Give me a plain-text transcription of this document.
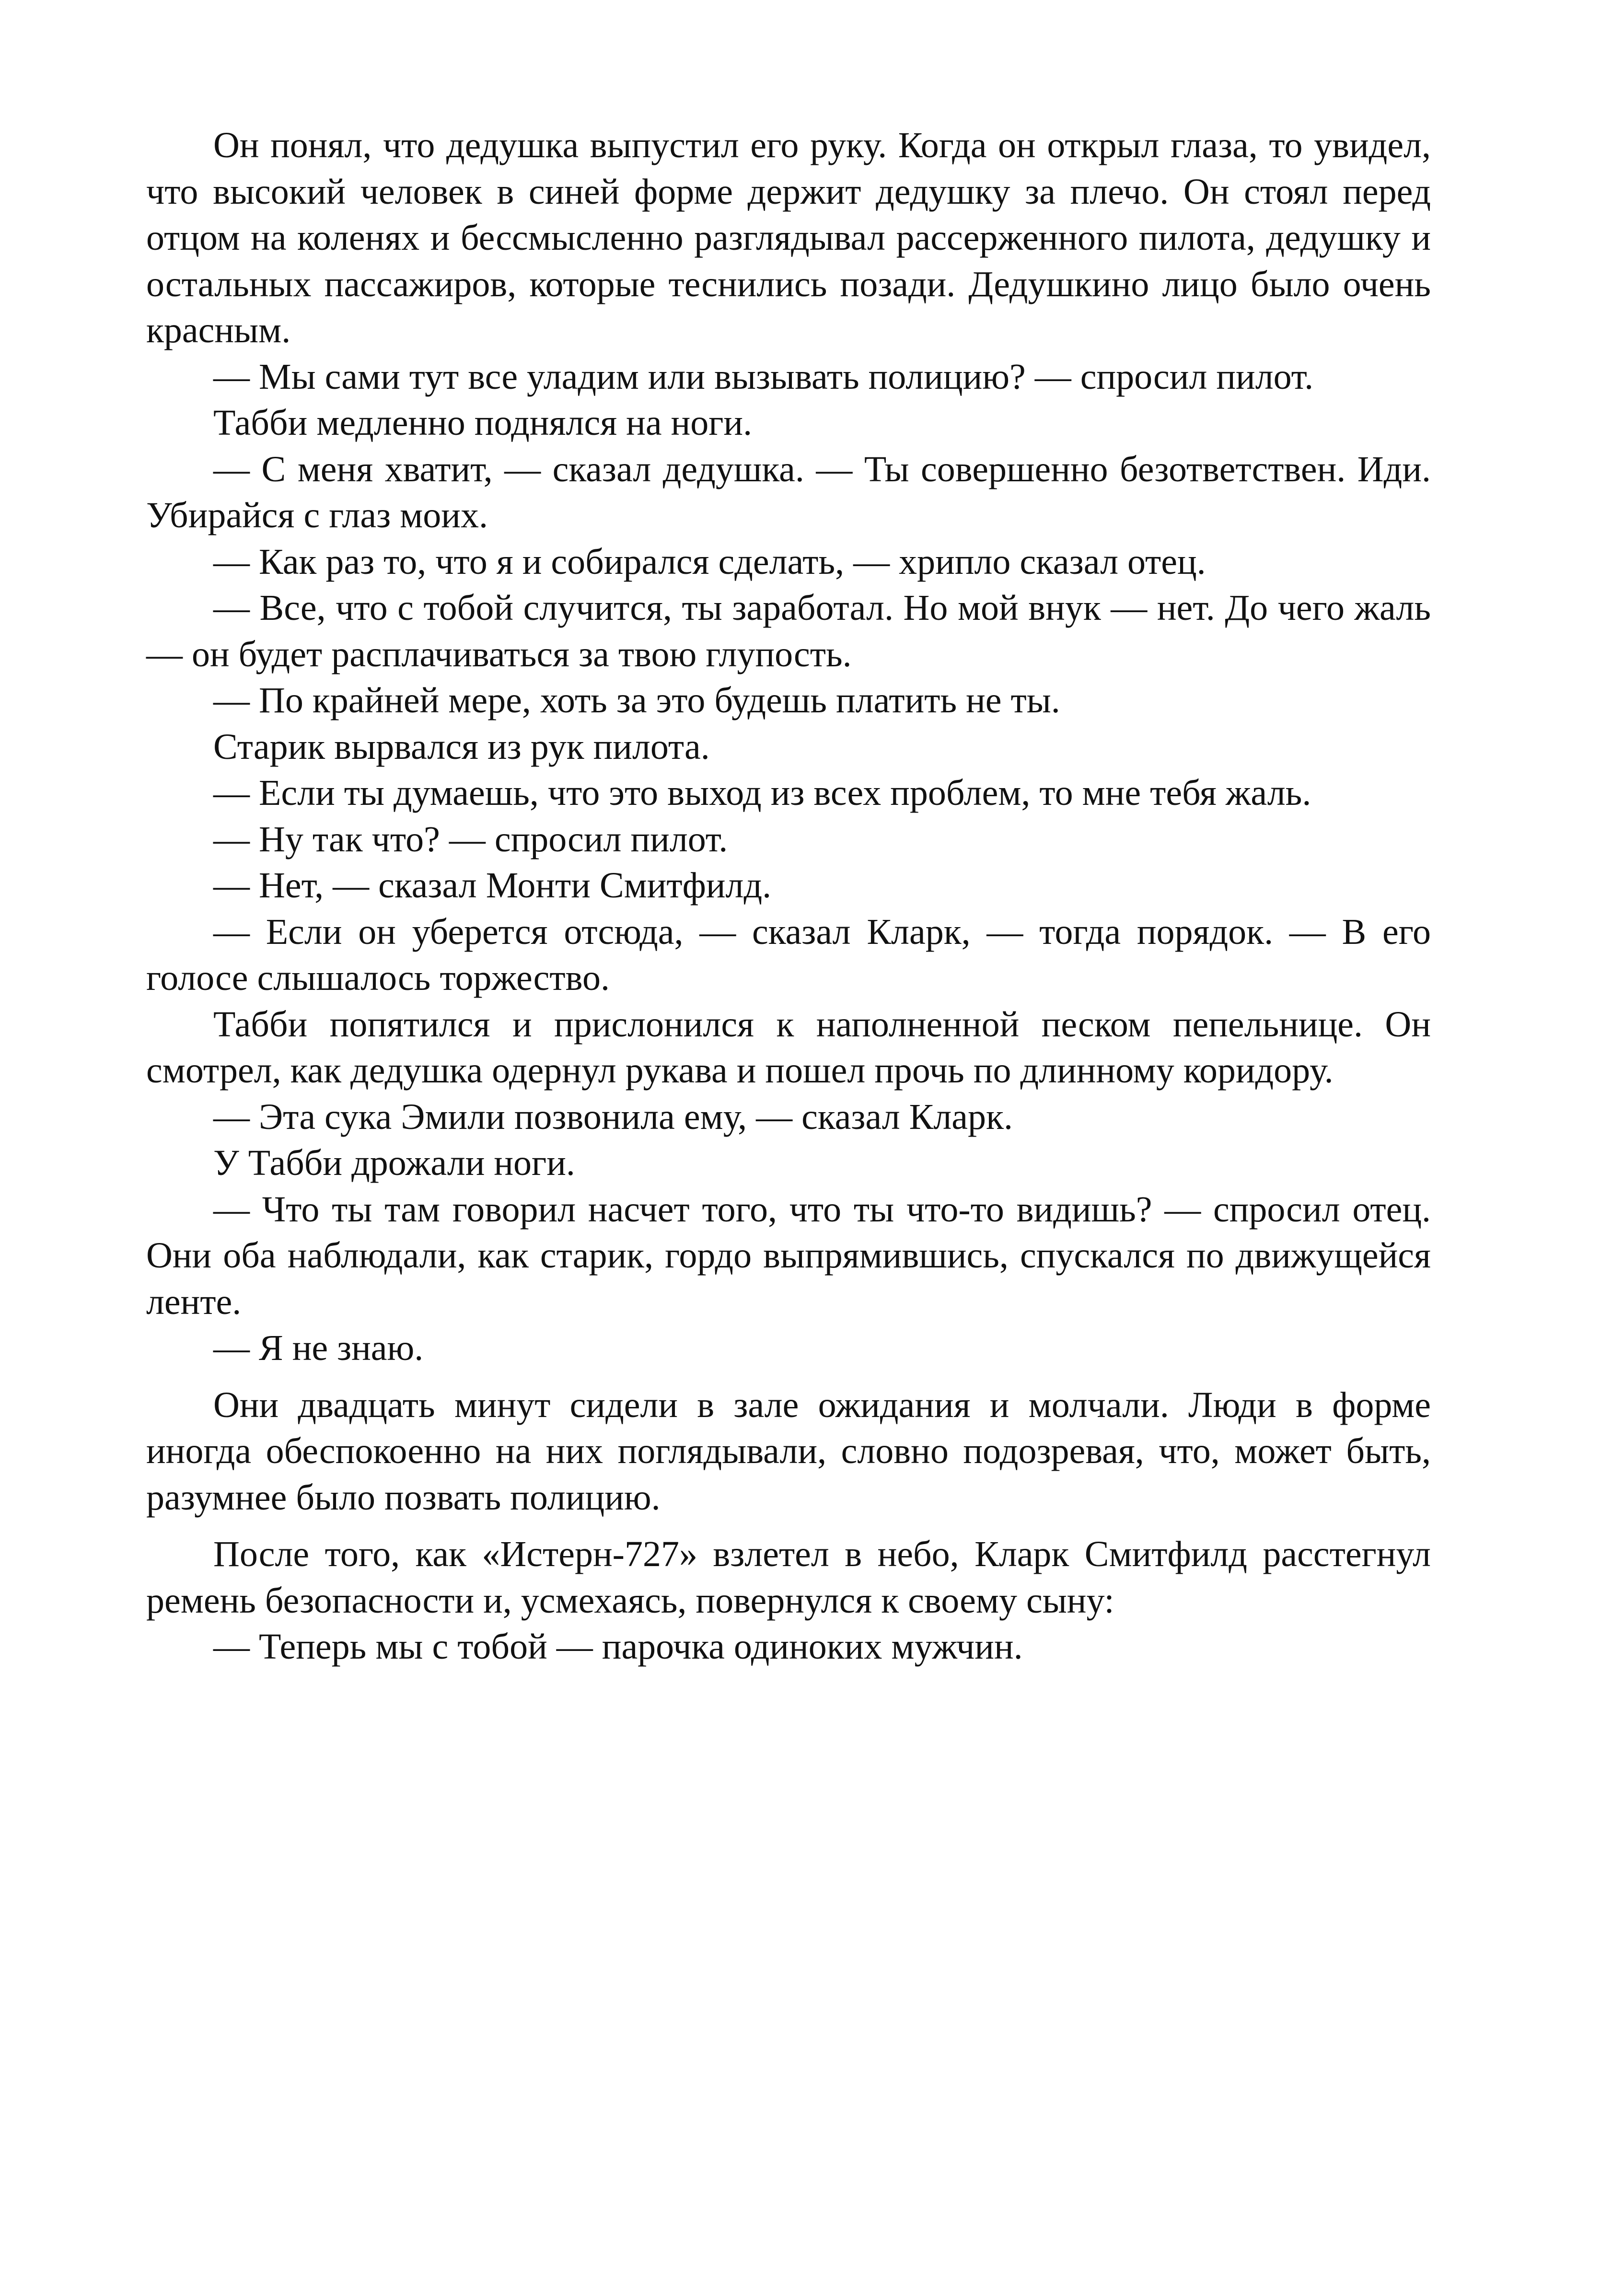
Он понял, что дедушка выпустил его руку. Когда он открыл глаза, то увидел, что высокий человек в синей форме держит дедушку за плечо. Он стоял перед отцом на коленях и бессмысленно разглядывал рассерженного пилота, дедушку и остальных пассажиров, которые теснились позади. Дедушкино лицо было очень красным.

— Мы сами тут все уладим или вызывать полицию? — спросил пилот.

Табби медленно поднялся на ноги.

— С меня хватит, — сказал дедушка. — Ты совершенно безответствен. Иди. Убирайся с глаз моих.

— Как раз то, что я и собирался сделать, — хрипло сказал отец.

— Все, что с тобой случится, ты заработал. Но мой внук — нет. До чего жаль — он будет расплачиваться за твою глупость.

— По крайней мере, хоть за это будешь платить не ты.

Старик вырвался из рук пилота.

— Если ты думаешь, что это выход из всех проблем, то мне тебя жаль.

— Ну так что? — спросил пилот.

— Нет, — сказал Монти Смитфилд.

— Если он уберется отсюда, — сказал Кларк, — тогда порядок. — В его голосе слышалось торжество.

Табби попятился и прислонился к наполненной песком пепельнице. Он смотрел, как дедушка одернул рукава и пошел прочь по длинному коридору.

— Эта сука Эмили позвонила ему, — сказал Кларк.

У Табби дрожали ноги.

— Что ты там говорил насчет того, что ты что-то видишь? — спросил отец. Они оба наблюдали, как старик, гордо выпрямившись, спускался по движущейся ленте.

— Я не знаю.

Они двадцать минут сидели в зале ожидания и молчали. Люди в форме иногда обеспокоенно на них поглядывали, словно подозревая, что, может быть, разумнее было позвать полицию.

После того, как «Истерн-727» взлетел в небо, Кларк Смитфилд расстегнул ремень безопасности и, усмехаясь, повернулся к своему сыну:

— Теперь мы с тобой — парочка одиноких мужчин.
